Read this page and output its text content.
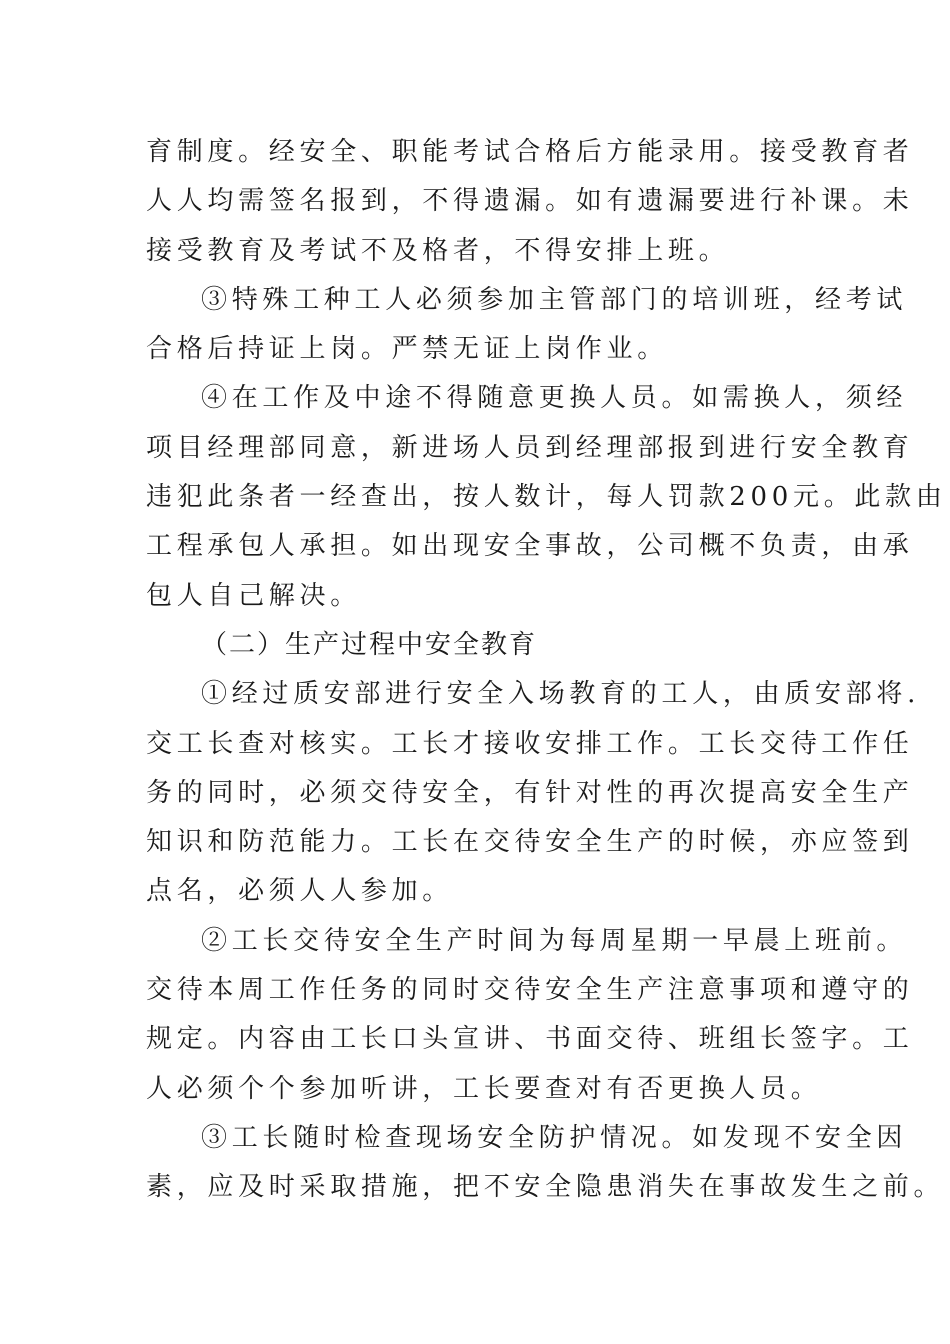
育制度。经安全、职能考试合格后方能录用。接受教育者
人人均需签名报到，不得遗漏。如有遗漏要进行补课。未
接受教育及考试不及格者，不得安排上班。

③特殊工种工人必须参加主管部门的培训班，经考试
合格后持证上岗。严禁无证上岗作业。

④在工作及中途不得随意更换人员。如需换人，须经
项目经理部同意，新进场人员到经理部报到进行安全教育
违犯此条者一经查出，按人数计，每人罚款200元。此款由
工程承包人承担。如出现安全事故，公司概不负责，由承
包人自己解决。

（二）生产过程中安全教育

①经过质安部进行安全入场教育的工人，由质安部将.
交工长查对核实。工长才接收安排工作。工长交待工作任
务的同时，必须交待安全，有针对性的再次提高安全生产
知识和防范能力。工长在交待安全生产的时候，亦应签到
点名，必须人人参加。

②工长交待安全生产时间为每周星期一早晨上班前。
交待本周工作任务的同时交待安全生产注意事项和遵守的
规定。内容由工长口头宣讲、书面交待、班组长签字。工
人必须个个参加听讲，工长要查对有否更换人员。

③工长随时检查现场安全防护情况。如发现不安全因
素，应及时采取措施，把不安全隐患消失在事故发生之前。
